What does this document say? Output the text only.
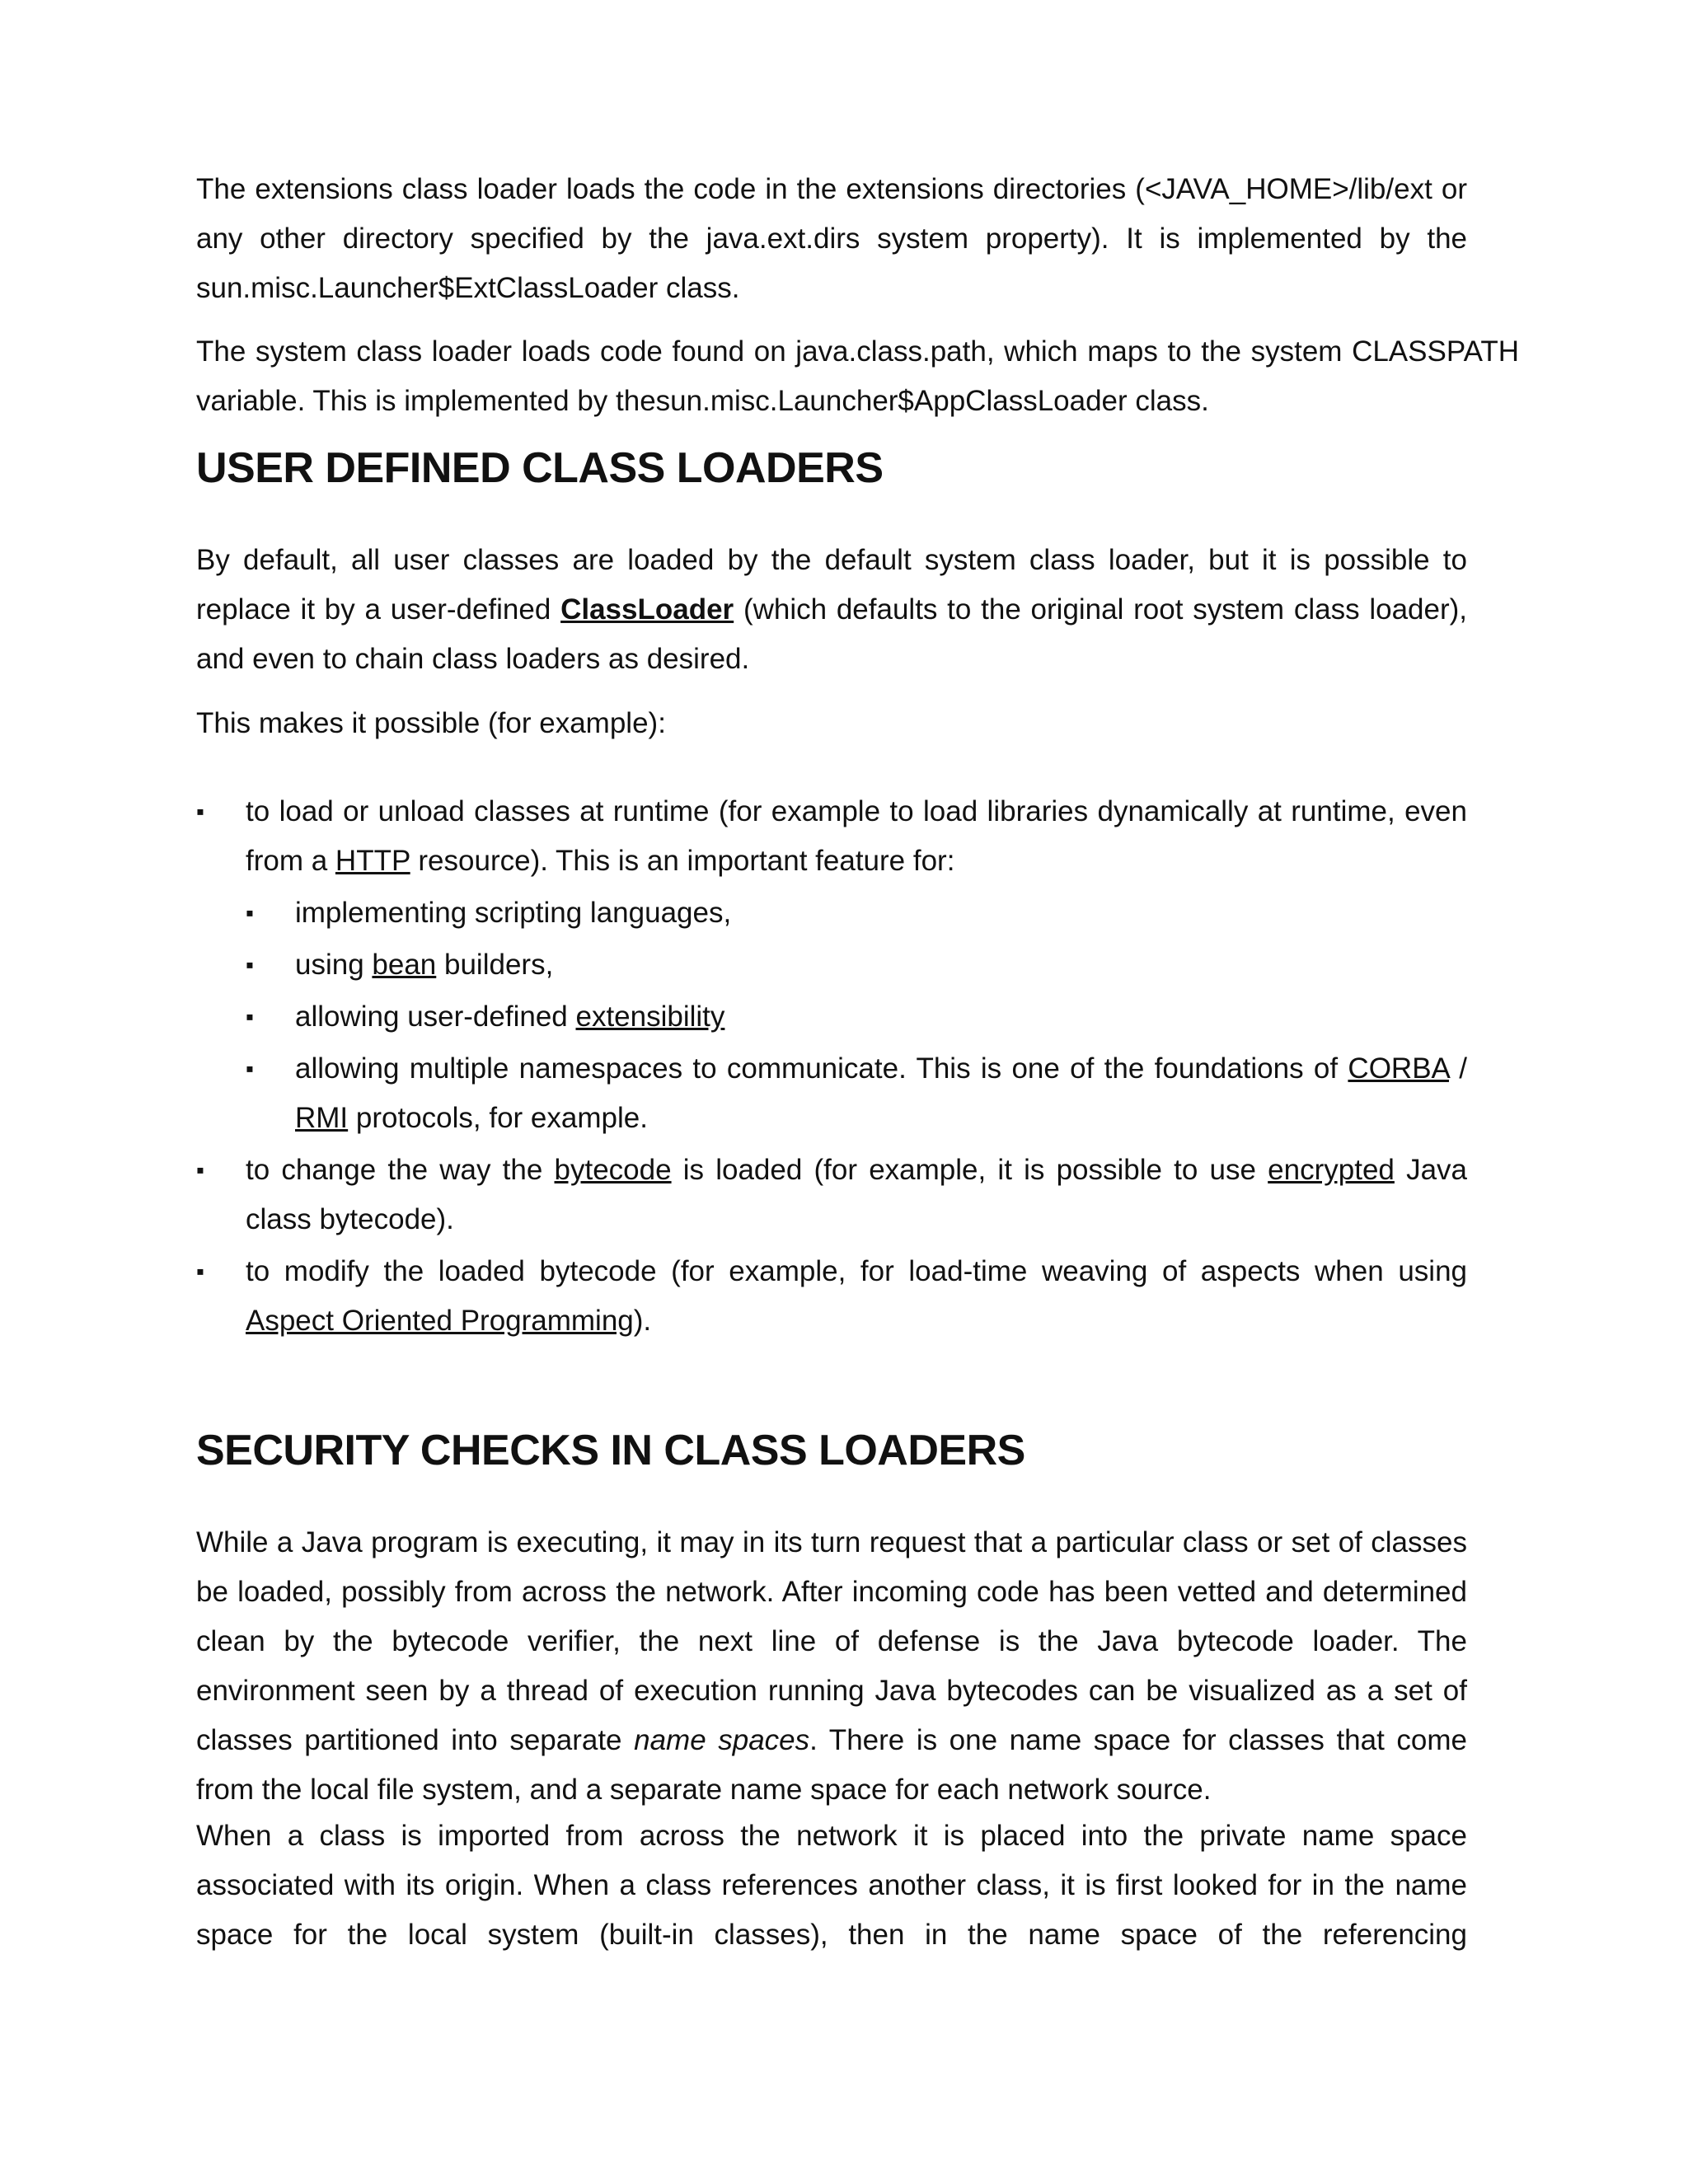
The extensions class loader loads the code in the extensions directories (<JAVA_HOME>/lib/ext or any other directory specified by the java.ext.dirs system property). It is implemented by the sun.misc.Launcher$ExtClassLoader class.

The system class loader loads code found on java.class.path, which maps to the system CLASSPATH variable. This is implemented by thesun.misc.Launcher$AppClassLoader class.

USER DEFINED CLASS LOADERS

By default, all user classes are loaded by the default system class loader, but it is possible to replace it by a user-defined ClassLoader (which defaults to the original root system class loader), and even to chain class loaders as desired.

This makes it possible (for example):

▪ to load or unload classes at runtime (for example to load libraries dynamically at runtime, even from a HTTP resource). This is an important feature for:
▪ implementing scripting languages,
▪ using bean builders,
▪ allowing user-defined extensibility
▪ allowing multiple namespaces to communicate. This is one of the foundations of CORBA / RMI protocols, for example.
▪ to change the way the bytecode is loaded (for example, it is possible to use encrypted Java class bytecode).
▪ to modify the loaded bytecode (for example, for load-time weaving of aspects when using Aspect Oriented Programming).
SECURITY CHECKS IN CLASS LOADERS

While a Java program is executing, it may in its turn request that a particular class or set of classes be loaded, possibly from across the network. After incoming code has been vetted and determined clean by the bytecode verifier, the next line of defense is the Java bytecode loader. The environment seen by a thread of execution running Java bytecodes can be visualized as a set of classes partitioned into separate name spaces. There is one name space for classes that come from the local file system, and a separate name space for each network source.

When a class is imported from across the network it is placed into the private name space associated with its origin. When a class references another class, it is first looked for in the name space for the local system (built-in classes), then in the name space of the referencing
